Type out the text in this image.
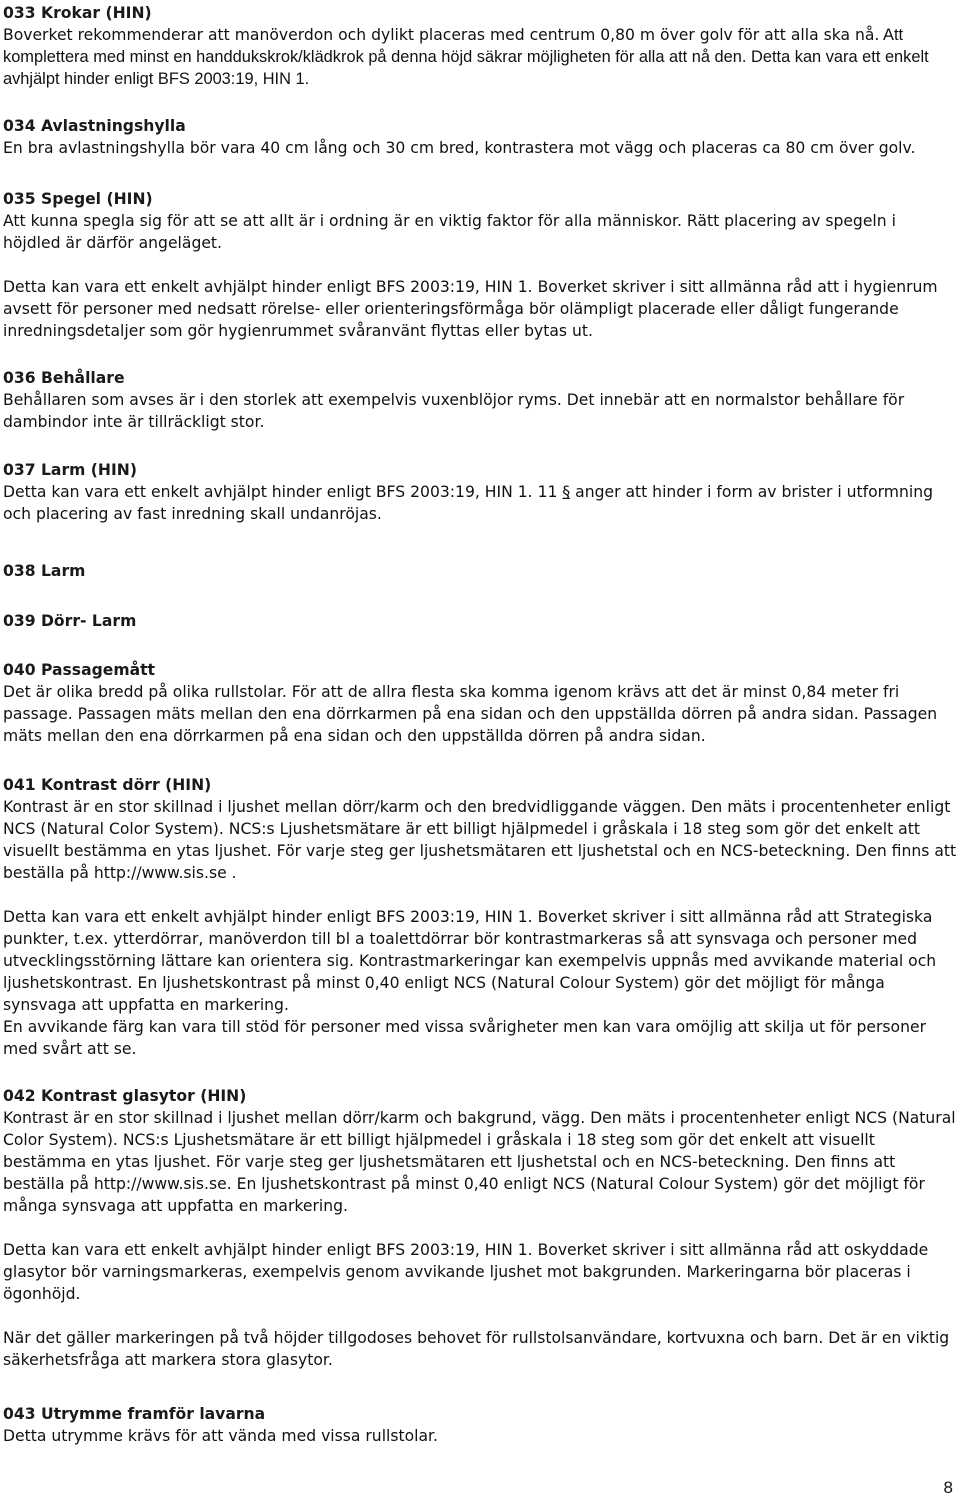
033 Krokar (HIN)

Boverket rekommenderar att manöverdon och dylikt placeras med centrum 0,80 m över golv för att alla ska nå. Att komplettera med minst en handdukskrok/klädkrok på denna höjd säkrar möjligheten för alla att nå den. Detta kan vara ett enkelt avhjälpt hinder enligt BFS 2003:19, HIN 1.

034 Avlastningshylla

En bra avlastningshylla bör vara 40 cm lång och 30 cm bred, kontrastera mot vägg och placeras ca 80 cm över golv.

035 Spegel (HIN)

Att kunna spegla sig för att se att allt är i ordning är en viktig faktor för alla människor. Rätt placering av spegeln i höjdled är därför angeläget.

Detta kan vara ett enkelt avhjälpt hinder enligt BFS 2003:19, HIN 1. Boverket skriver i sitt allmänna råd att i hygienrum avsett för personer med nedsatt rörelse- eller orienteringsförmåga bör olämpligt placerade eller dåligt fungerande inredningsdetaljer som gör hygienrummet svåranvänt flyttas eller bytas ut.

036 Behållare

Behållaren som avses är i den storlek att exempelvis vuxenblöjor ryms. Det innebär att en normalstor behållare för dambindor inte är tillräckligt stor.

037 Larm (HIN)

Detta kan vara ett enkelt avhjälpt hinder enligt BFS 2003:19, HIN 1. 11 § anger att hinder i form av brister i utformning och placering av fast inredning skall undanröjas.

038 Larm
039 Dörr- Larm
040 Passagemått

Det är olika bredd på olika rullstolar. För att de allra flesta ska komma igenom krävs att det är minst 0,84 meter fri passage. Passagen mäts mellan den ena dörrkarmen på ena sidan och den uppställda dörren på andra sidan. Passagen mäts mellan den ena dörrkarmen på ena sidan och den uppställda dörren på andra sidan.

041 Kontrast dörr (HIN)

Kontrast är en stor skillnad i ljushet mellan dörr/karm och den bredvidliggande väggen. Den mäts i procentenheter enligt NCS (Natural Color System). NCS:s Ljushetsmätare är ett billigt hjälpmedel i gråskala i 18 steg som gör det enkelt att visuellt bestämma en ytas ljushet. För varje steg ger ljushetsmätaren ett ljushetstal och en NCS-beteckning. Den finns att beställa på http://www.sis.se .

Detta kan vara ett enkelt avhjälpt hinder enligt BFS 2003:19, HIN 1. Boverket skriver i sitt allmänna råd att Strategiska punkter, t.ex. ytterdörrar, manöverdon till bl a toalettdörrar bör kontrastmarkeras så att synsvaga och personer med utvecklingsstörning lättare kan orientera sig. Kontrastmarkeringar kan exempelvis uppnås med avvikande material och ljushetskontrast. En ljushetskontrast på minst 0,40 enligt NCS (Natural Colour System) gör det möjligt för många synsvaga att uppfatta en markering.

En avvikande färg kan vara till stöd för personer med vissa svårigheter men kan vara omöjlig att skilja ut för personer med svårt att se.

042 Kontrast glasytor (HIN)

Kontrast är en stor skillnad i ljushet mellan dörr/karm och bakgrund, vägg. Den mäts i procentenheter enligt NCS (Natural Color System). NCS:s Ljushetsmätare är ett billigt hjälpmedel i gråskala i 18 steg som gör det enkelt att visuellt bestämma en ytas ljushet. För varje steg ger ljushetsmätaren ett ljushetstal och en NCS-beteckning. Den finns att beställa på http://www.sis.se. En ljushetskontrast på minst 0,40 enligt NCS (Natural Colour System) gör det möjligt för många synsvaga att uppfatta en markering.

Detta kan vara ett enkelt avhjälpt hinder enligt BFS 2003:19, HIN 1. Boverket skriver i sitt allmänna råd att oskyddade glasytor bör varningsmarkeras, exempelvis genom avvikande ljushet mot bakgrunden. Markeringarna bör placeras i ögonhöjd.

När det gäller markeringen på två höjder tillgodoses behovet för rullstolsanvändare, kortvuxna och barn. Det är en viktig säkerhetsfråga att markera stora glasytor.

043 Utrymme framför lavarna

Detta utrymme krävs för att vända med vissa rullstolar.

8
